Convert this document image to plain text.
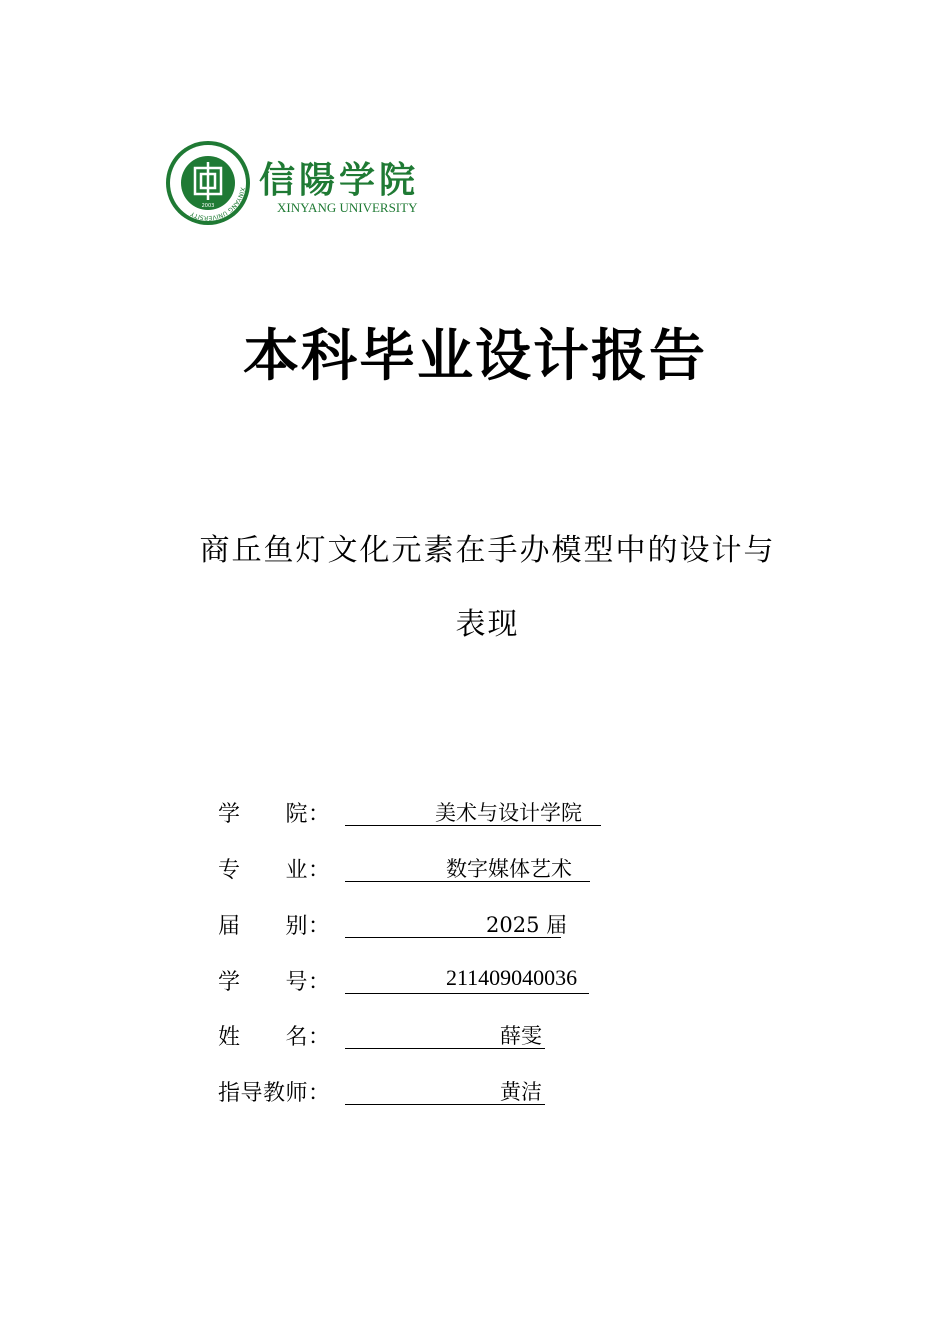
XINYANG UNIVERSITY
2003
信陽学院
XINYANG UNIVERSITY
本科毕业设计报告
商丘鱼灯文化元素在手办模型中的设计与
表现
学　　院：	美术与设计学院
专　　业：	数字媒体艺术
届　　别：	2025 届
学　　号：	211409040036
姓　　名：	薛雯
指导教师：	黄洁
